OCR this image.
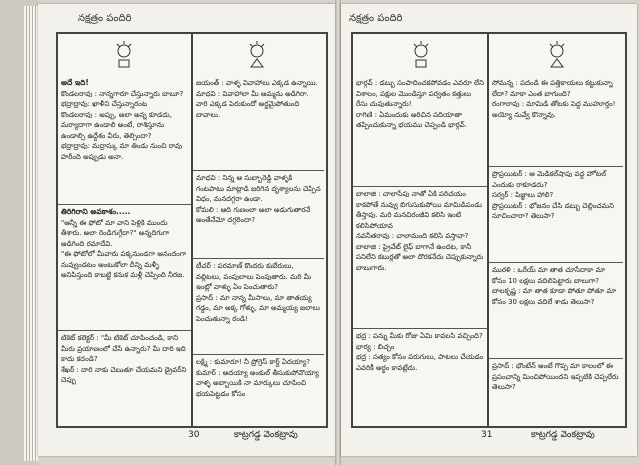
నక్షత్రం పందిరి
అదే ఇది!
కొండలరావు : నాన్నగారూ చేస్తున్నారు బాబూ?
భద్రాద్రావు: ఖాళీని చేస్తున్నారంట
కొండలరావు : అప్పు, అలా అన్న కూడదు, మర్యాదాగా ఉండాలి అంటే, రాశిస్తూను ఉండాల్సి ఉద్దేశం వీరు, తెల్సిందా?
భద్రాద్రావు: మద్రాస్కు మా తిండు నుంచి రావు హరీంది అప్పుడు అనా.
తిరిగిరాని అవకాశం.....
"ఆన్నీ ఈ ఫోటో మా వాని పెళ్లికి ముందు తీశారు. అలా రెండిగుగ్గేదా?" అన్నదిగుగా అడిగింది రమాదేవి.
"ఈ ఫోటోలో మీవారు పక్కనుండగా ఆనందంగా నువ్వుండటం అంటుకోలా దీన్ని మళ్ళీ అనిపిస్తుంది కాబట్టి కనుక మళ్లీ చెప్పింది నీరజ.
టికెట్ కలెక్టర్ : "మీ టికెట్ చూపించండి, కాని మీరు ప్రయాణంలో చేసే ఉన్నారు? మీ దారి ఇది కాదు కదండి?
శేఖర్ : దారి నాకు చెబుతూ చేయమని డ్రైవర్‌ని చెప్పు
జయంత్ : వాళ్ళ వివాహాలు ఎక్కడ ఉన్నాయి.
మాధవి : వివాహాలా మీ అమ్మను అడిగిరా. వారి ఎక్కడ పెరుకుందో అర్థమైపోతుంది బావాలు.
మాధవి : నిన్న ఆ సుబ్బారెడ్డి వాళ్ళకి గంటపాటు మాట్లాడి జరిగిన దృశ్యాలను చెప్పిన విధం, మనదగ్గరా ఉండా.
కోమలి : ఆది గుణంలా అలా అడుగుతారనే అంతేనేమో దగ్గరిందా?
టీచర్ : పరమాణ్ కొందరు కుబేరులు, వల్లిటలు, పంపులాలు పెంపుతారు. మరి మీ ఇంట్లో వాళ్ళు ఏం పెంచుతారు?
ప్రసాద్ : మా నాన్న మీసాలు, మా తాతయ్య గడ్డం, మా అక్క గోళ్ళు, మా అమ్మయ్య జలాలు పెంచుతున్నా రండి!
లక్ష్మి : కుమారూ! నీ ప్రోగ్రెస్ కార్డ్ ఏదయ్యా?
కుమార్ : అదయ్యా అంకుల్ తీసుకుపోవొయ్యా వాళ్ళ అబ్బాయికి నా మార్కులు చూపించి భయపెట్టడం కోసం
30	కాట్రగడ్డ వెంకట్రావు
నక్షత్రం పందిరి
భార్గవ్ : డబ్బు సంపాదించకపోవడం ఎవరూ లేని విశాలం, పక్షుల మొండిస్తూ పర్వతం కత్తులు రేసు చుపుతున్నారు!
రాగిణి : ఏమందుకు అరిచిన పదియాతా తప్పించుకున్నా భయము చెప్పండి భార్గవ్.
బాలాజి : చాలాసేపు నాతో ఏకి పరిచయం కాకపోతే నువ్వు బిగుసుకుపోయి మామిడిపండు తీస్తావు. మరి మనచిరంజీవి కలిసి ఇంటి కలిసిపోయావ
నవనీతరావు : చాలామంది కలిసి వస్తావా?
బాలాజి : ప్రైవేట్ లైఫ్ బాగానే ఉందట, కానీ పనిలేని కబుర్లతో అలా దొరకనేదు చెప్పుకున్నారు బాబుగారు.
భద్ర : పన్ను మీకు రోజు ఏమి కావలసి వచ్చింది?
భార్య : బిచ్చం
భద్ర : సత్యం కోసం పరుగులు, పాటలు చేయడం ఎవరికీ అర్థం కావట్లేదు.
సోమన్న : పదండి ఈ పత్తికాయలు కట్టుకున్నా లేదా? మాకా ఎంత బాగుంది?
రంగారావు : మామిడి తోటకు పెద్ద ముహూర్తం! అయ్యో నువ్వే కొన్నావు.
ప్రొప్రయిటర్ : ఆ మెడికల్‌షాపు వద్ద హోటల్ ఎందుకు రాకూడదు?
సర్వర్ : పిజ్జాలు హాలి?
ప్రొప్రయిటర్ : భోజనం చేసి డబ్బు చెల్లించమని సూచించారా? తెలుసా?
మురళి : ఒరేయ్ మా తాత చూసేదాకా మా కోసం 10 లక్షలు వదిలిపెట్టారు బాలుగా?
బాలకృష్ణ : మా తాత కూడా పోతూ పోతూ మా కోసం 30 లక్షలు వదిలే శాడు తెలుసా?
ప్రసాద్ : భౌంటేన్ అంటే గొప్ప మా కాలంలో ఈ ప్రపంచాన్ని మించిపోయిందని ఇప్పటికి చెప్పలేరు తెలుసా?
31	కాట్రగడ్డ వెంకట్రావు
